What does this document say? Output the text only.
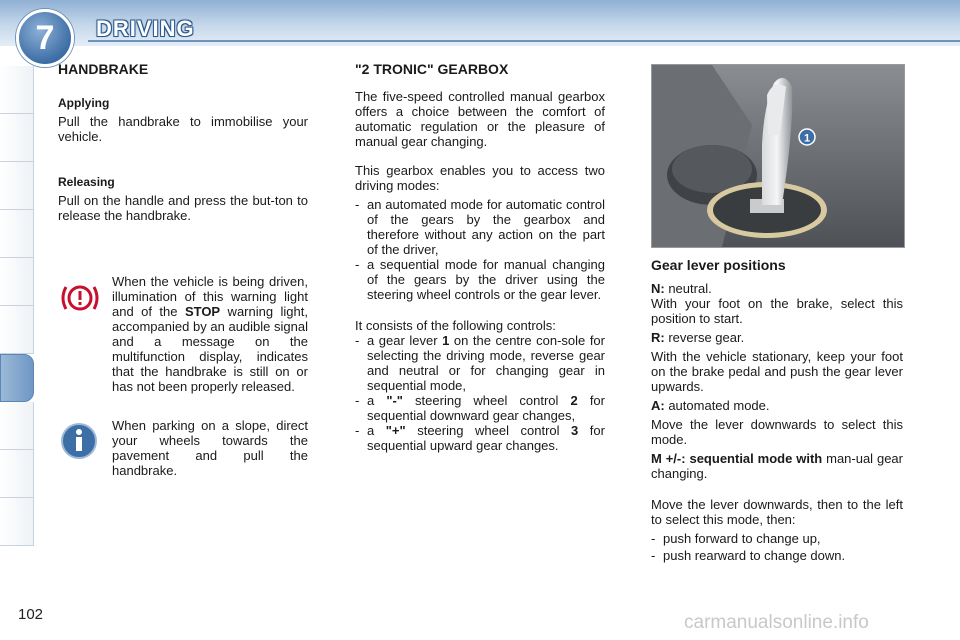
7	DRIVING
102
HANDBRAKE
Applying

Pull the handbrake to immobilise your vehicle.

Releasing

Pull on the handle and press the but-ton to release the handbrake.

When the vehicle is being driven, illumination of this warning light and of the STOP warning light, accompanied by an audible signal and a message on the multifunction display, indicates that the handbrake is still on or has not been properly released.
When parking on a slope, direct your wheels towards the pavement and pull the handbrake.
"2 TRONIC" GEARBOX

The five-speed controlled manual gearbox offers a choice between the comfort of automatic regulation or the pleasure of manual gear changing.

This gearbox enables you to access two driving modes:

- an automated mode for automatic control of the gears by the gearbox and therefore without any action on the part of the driver,
- a sequential mode for manual changing of the gears by the driver using the steering wheel controls or the gear lever.

It consists of the following controls:

- a gear lever 1 on the centre con-sole for selecting the driving mode, reverse gear and neutral or for changing gear in sequential mode,
- a "-" steering wheel control 2 for sequential downward gear changes,
- a "+" steering wheel control 3 for sequential upward gear changes.
1
Gear lever positions

N: neutral.

With your foot on the brake, select this position to start.

R: reverse gear.

With the vehicle stationary, keep your foot on the brake pedal and push the gear lever upwards.

A: automated mode.

Move the lever downwards to select this mode.

M +/-: sequential mode with man-ual gear changing.

Move the lever downwards, then to the left to select this mode, then:

- push forward to change up,
- push rearward to change down.
carmanualsonline.info
